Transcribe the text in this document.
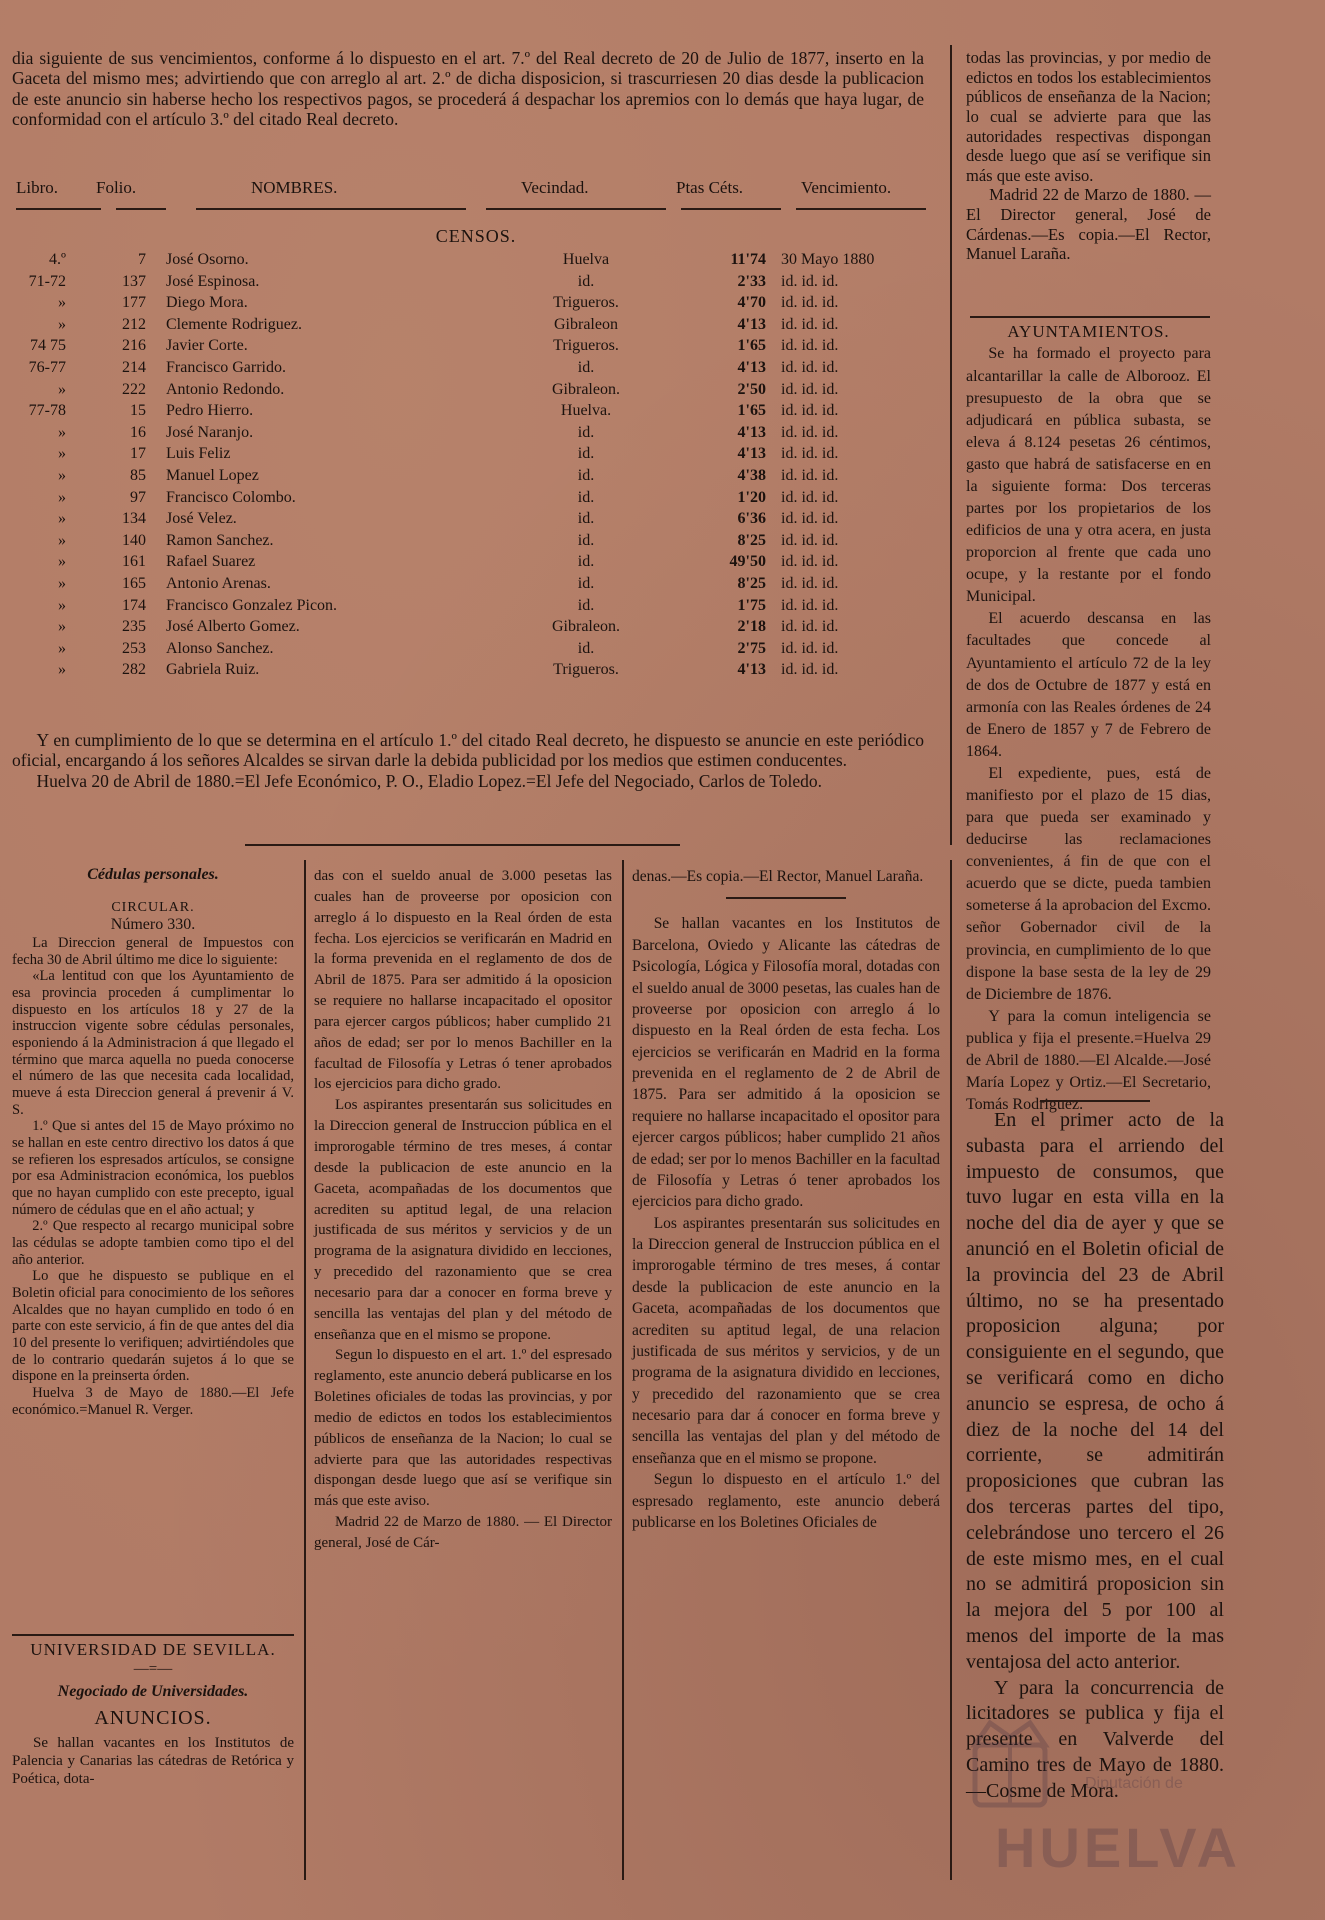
dia siguiente de sus vencimientos, conforme á lo dispuesto en el art. 7.º del Real decreto de 20 de Julio de 1877, inserto en la Gaceta del mismo mes; advirtiendo que con arreglo al art. 2.º de dicha disposicion, si trascurriesen 20 dias desde la publicacion de este anuncio sin haberse hecho los respectivos pagos, se procederá á despachar los apremios con lo demás que haya lugar, de conformidad con el artículo 3.º del citado Real decreto.

Libro. Folio.	NOMBRES.	Vecindad.	Ptas Céts.	Vencimiento.
CENSOS.
4.º	7 José Osorno.	Huelva	11'74 30 Mayo 1880
71-72	137 José Espinosa.	id.	2'33 id. id. id.
»	177 Diego Mora.	Trigueros.	4'70 id. id. id.
»	212 Clemente Rodriguez.	Gibraleon	4'13 id. id. id.
74 75	216 Javier Corte.	Trigueros.	1'65 id. id. id.
76-77	214 Francisco Garrido.	id.	4'13 id. id. id.
»	222 Antonio Redondo.	Gibraleon.	2'50 id. id. id.
77-78	15 Pedro Hierro.	Huelva.	1'65 id. id. id.
»	16 José Naranjo.	id.	4'13 id. id. id.
»	17 Luis Feliz	id.	4'13 id. id. id.
»	85 Manuel Lopez	id.	4'38 id. id. id.
»	97 Francisco Colombo.	id.	1'20 id. id. id.
»	134 José Velez.	id.	6'36 id. id. id.
»	140 Ramon Sanchez.	id.	8'25 id. id. id.
»	161 Rafael Suarez	id.	49'50 id. id. id.
»	165 Antonio Arenas.	id.	8'25 id. id. id.
»	174 Francisco Gonzalez Picon.	id.	1'75 id. id. id.
»	235 José Alberto Gomez.	Gibraleon.	2'18 id. id. id.
»	253 Alonso Sanchez.	id.	2'75 id. id. id.
»	282 Gabriela Ruiz.	Trigueros.	4'13 id. id. id.

Y en cumplimiento de lo que se determina en el artículo 1.º del citado Real decreto, he dispuesto se anuncie en este periódico oficial, encargando á los señores Alcaldes se sirvan darle la debida publicidad por los medios que estimen conducentes.

Huelva 20 de Abril de 1880.=El Jefe Económico, P. O., Eladio Lopez.=El Jefe del Negociado, Carlos de Toledo.

todas las provincias, y por medio de edictos en todos los establecimientos públicos de enseñanza de la Nacion; lo cual se advierte para que las autoridades respectivas dispongan desde luego que así se verifique sin más que este aviso.

Madrid 22 de Marzo de 1880. —El Director general, José de Cárdenas.—Es copia.—El Rector, Manuel Laraña.

AYUNTAMIENTOS.

Se ha formado el proyecto para alcantarillar la calle de Alborooz. El presupuesto de la obra que se adjudicará en pública subasta, se eleva á 8.124 pesetas 26 céntimos, gasto que habrá de satisfacerse en en la siguiente forma: Dos terceras partes por los propietarios de los edificios de una y otra acera, en justa proporcion al frente que cada uno ocupe, y la restante por el fondo Municipal.

El acuerdo descansa en las facultades que concede al Ayuntamiento el artículo 72 de la ley de dos de Octubre de 1877 y está en armonía con las Reales órdenes de 24 de Enero de 1857 y 7 de Febrero de 1864.

El expediente, pues, está de manifiesto por el plazo de 15 dias, para que pueda ser examinado y deducirse las reclamaciones convenientes, á fin de que con el acuerdo que se dicte, pueda tambien someterse á la aprobacion del Excmo. señor Gobernador civil de la provincia, en cumplimiento de lo que dispone la base sesta de la ley de 29 de Diciembre de 1876.

Y para la comun inteligencia se publica y fija el presente.=Huelva 29 de Abril de 1880.—El Alcalde.—José María Lopez y Ortiz.—El Secretario, Tomás Rodriguez.

En el primer acto de la subasta para el arriendo del impuesto de consumos, que tuvo lugar en esta villa en la noche del dia de ayer y que se anunció en el Boletin oficial de la provincia del 23 de Abril último, no se ha presentado proposicion alguna; por consiguiente en el segundo, que se verificará como en dicho anuncio se espresa, de ocho á diez de la noche del 14 del corriente, se admitirán proposiciones que cubran las dos terceras partes del tipo, celebrándose uno tercero el 26 de este mismo mes, en el cual no se admitirá proposicion sin la mejora del 5 por 100 al menos del importe de la mas ventajosa del acto anterior.

Y para la concurrencia de licitadores se publica y fija el presente en Valverde del Camino tres de Mayo de 1880. —Cosme de Mora.

Cédulas personales.
CIRCULAR.
Número 330.

La Direccion general de Impuestos con fecha 30 de Abril último me dice lo siguiente:

«La lentitud con que los Ayuntamiento de esa provincia proceden á cumplimentar lo dispuesto en los artículos 18 y 27 de la instruccion vigente sobre cédulas personales, esponiendo á la Administracion á que llegado el término que marca aquella no pueda conocerse el número de las que necesita cada localidad, mueve á esta Direccion general á prevenir á V. S.

1.º Que si antes del 15 de Mayo próximo no se hallan en este centro directivo los datos á que se refieren los espresados artículos, se consigne por esa Administracion económica, los pueblos que no hayan cumplido con este precepto, igual número de cédulas que en el año actual; y

2.º Que respecto al recargo municipal sobre las cédulas se adopte tambien como tipo el del año anterior.

Lo que he dispuesto se publique en el Boletin oficial para conocimiento de los señores Alcaldes que no hayan cumplido en todo ó en parte con este servicio, á fin de que antes del dia 10 del presente lo verifiquen; advirtiéndoles que de lo contrario quedarán sujetos á lo que se dispone en la preinserta órden.

Huelva 3 de Mayo de 1880.—El Jefe económico.=Manuel R. Verger.

UNIVERSIDAD DE SEVILLA.
—=—
Negociado de Universidades.
ANUNCIOS.

Se hallan vacantes en los Institutos de Palencia y Canarias las cátedras de Retórica y Poética, dota-

das con el sueldo anual de 3.000 pesetas las cuales han de proveerse por oposicion con arreglo á lo dispuesto en la Real órden de esta fecha. Los ejercicios se verificarán en Madrid en la forma prevenida en el reglamento de dos de Abril de 1875. Para ser admitido á la oposicion se requiere no hallarse incapacitado el opositor para ejercer cargos públicos; haber cumplido 21 años de edad; ser por lo menos Bachiller en la facultad de Filosofía y Letras ó tener aprobados los ejercicios para dicho grado.

Los aspirantes presentarán sus solicitudes en la Direccion general de Instruccion pública en el improrogable término de tres meses, á contar desde la publicacion de este anuncio en la Gaceta, acompañadas de los documentos que acrediten su aptitud legal, de una relacion justificada de sus méritos y servicios y de un programa de la asignatura dividido en lecciones, y precedido del razonamiento que se crea necesario para dar a conocer en forma breve y sencilla las ventajas del plan y del método de enseñanza que en el mismo se propone.

Segun lo dispuesto en el art. 1.º del espresado reglamento, este anuncio deberá publicarse en los Boletines oficiales de todas las provincias, y por medio de edictos en todos los establecimientos públicos de enseñanza de la Nacion; lo cual se advierte para que las autoridades respectivas dispongan desde luego que así se verifique sin más que este aviso.

Madrid 22 de Marzo de 1880. — El Director general, José de Cár-

denas.—Es copia.—El Rector, Manuel Laraña.

Se hallan vacantes en los Institutos de Barcelona, Oviedo y Alicante las cátedras de Psicología, Lógica y Filosofía moral, dotadas con el sueldo anual de 3000 pesetas, las cuales han de proveerse por oposicion con arreglo á lo dispuesto en la Real órden de esta fecha. Los ejercicios se verificarán en Madrid en la forma prevenida en el reglamento de 2 de Abril de 1875. Para ser admitido á la oposicion se requiere no hallarse incapacitado el opositor para ejercer cargos públicos; haber cumplido 21 años de edad; ser por lo menos Bachiller en la facultad de Filosofía y Letras ó tener aprobados los ejercicios para dicho grado.

Los aspirantes presentarán sus solicitudes en la Direccion general de Instruccion pública en el improrogable término de tres meses, á contar desde la publicacion de este anuncio en la Gaceta, acompañadas de los documentos que acrediten su aptitud legal, de una relacion justificada de sus méritos y servicios, y de un programa de la asignatura dividido en lecciones, y precedido del razonamiento que se crea necesario para dar á conocer en forma breve y sencilla las ventajas del plan y del método de enseñanza que en el mismo se propone.

Segun lo dispuesto en el artículo 1.º del espresado reglamento, este anuncio deberá publicarse en los Boletines Oficiales de

Diputación de
HUELVA
